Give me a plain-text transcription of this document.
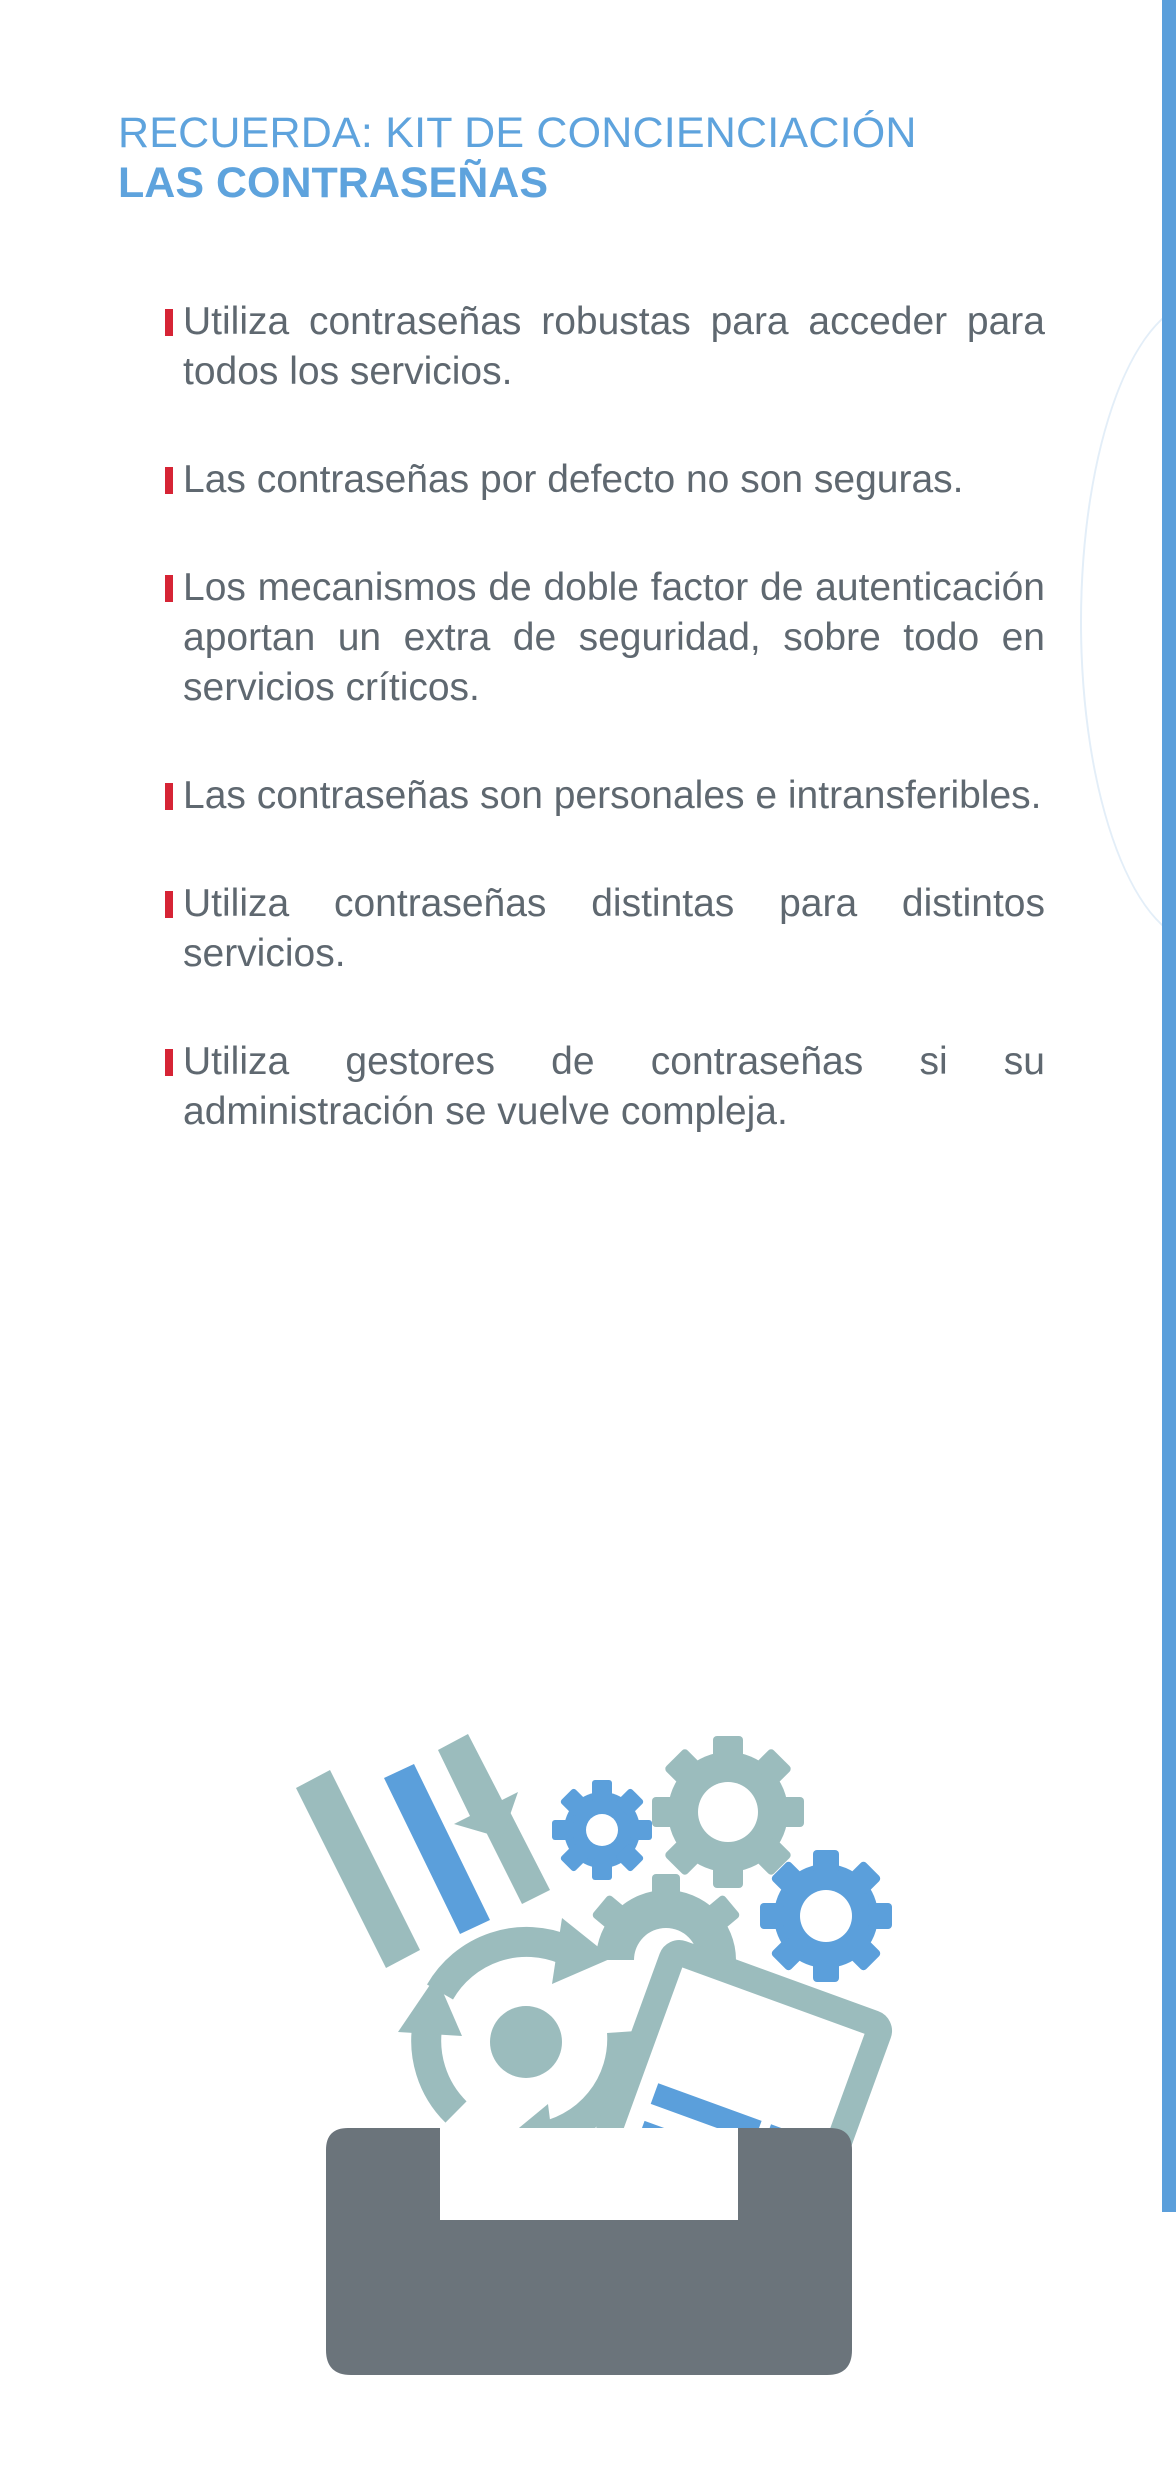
RECUERDA: KIT DE CONCIENCIACIÓN
LAS CONTRASEÑAS
Utiliza contraseñas robustas para acceder para todos los servicios.
Las contraseñas por defecto no son seguras.
Los mecanismos de doble factor de autenticación aportan un extra de seguridad, sobre todo en servicios críticos.
Las contraseñas son personales e intransferibles.
Utiliza contraseñas distintas para distintos servicios.
Utiliza gestores de contraseñas si su administración se vuelve compleja.
